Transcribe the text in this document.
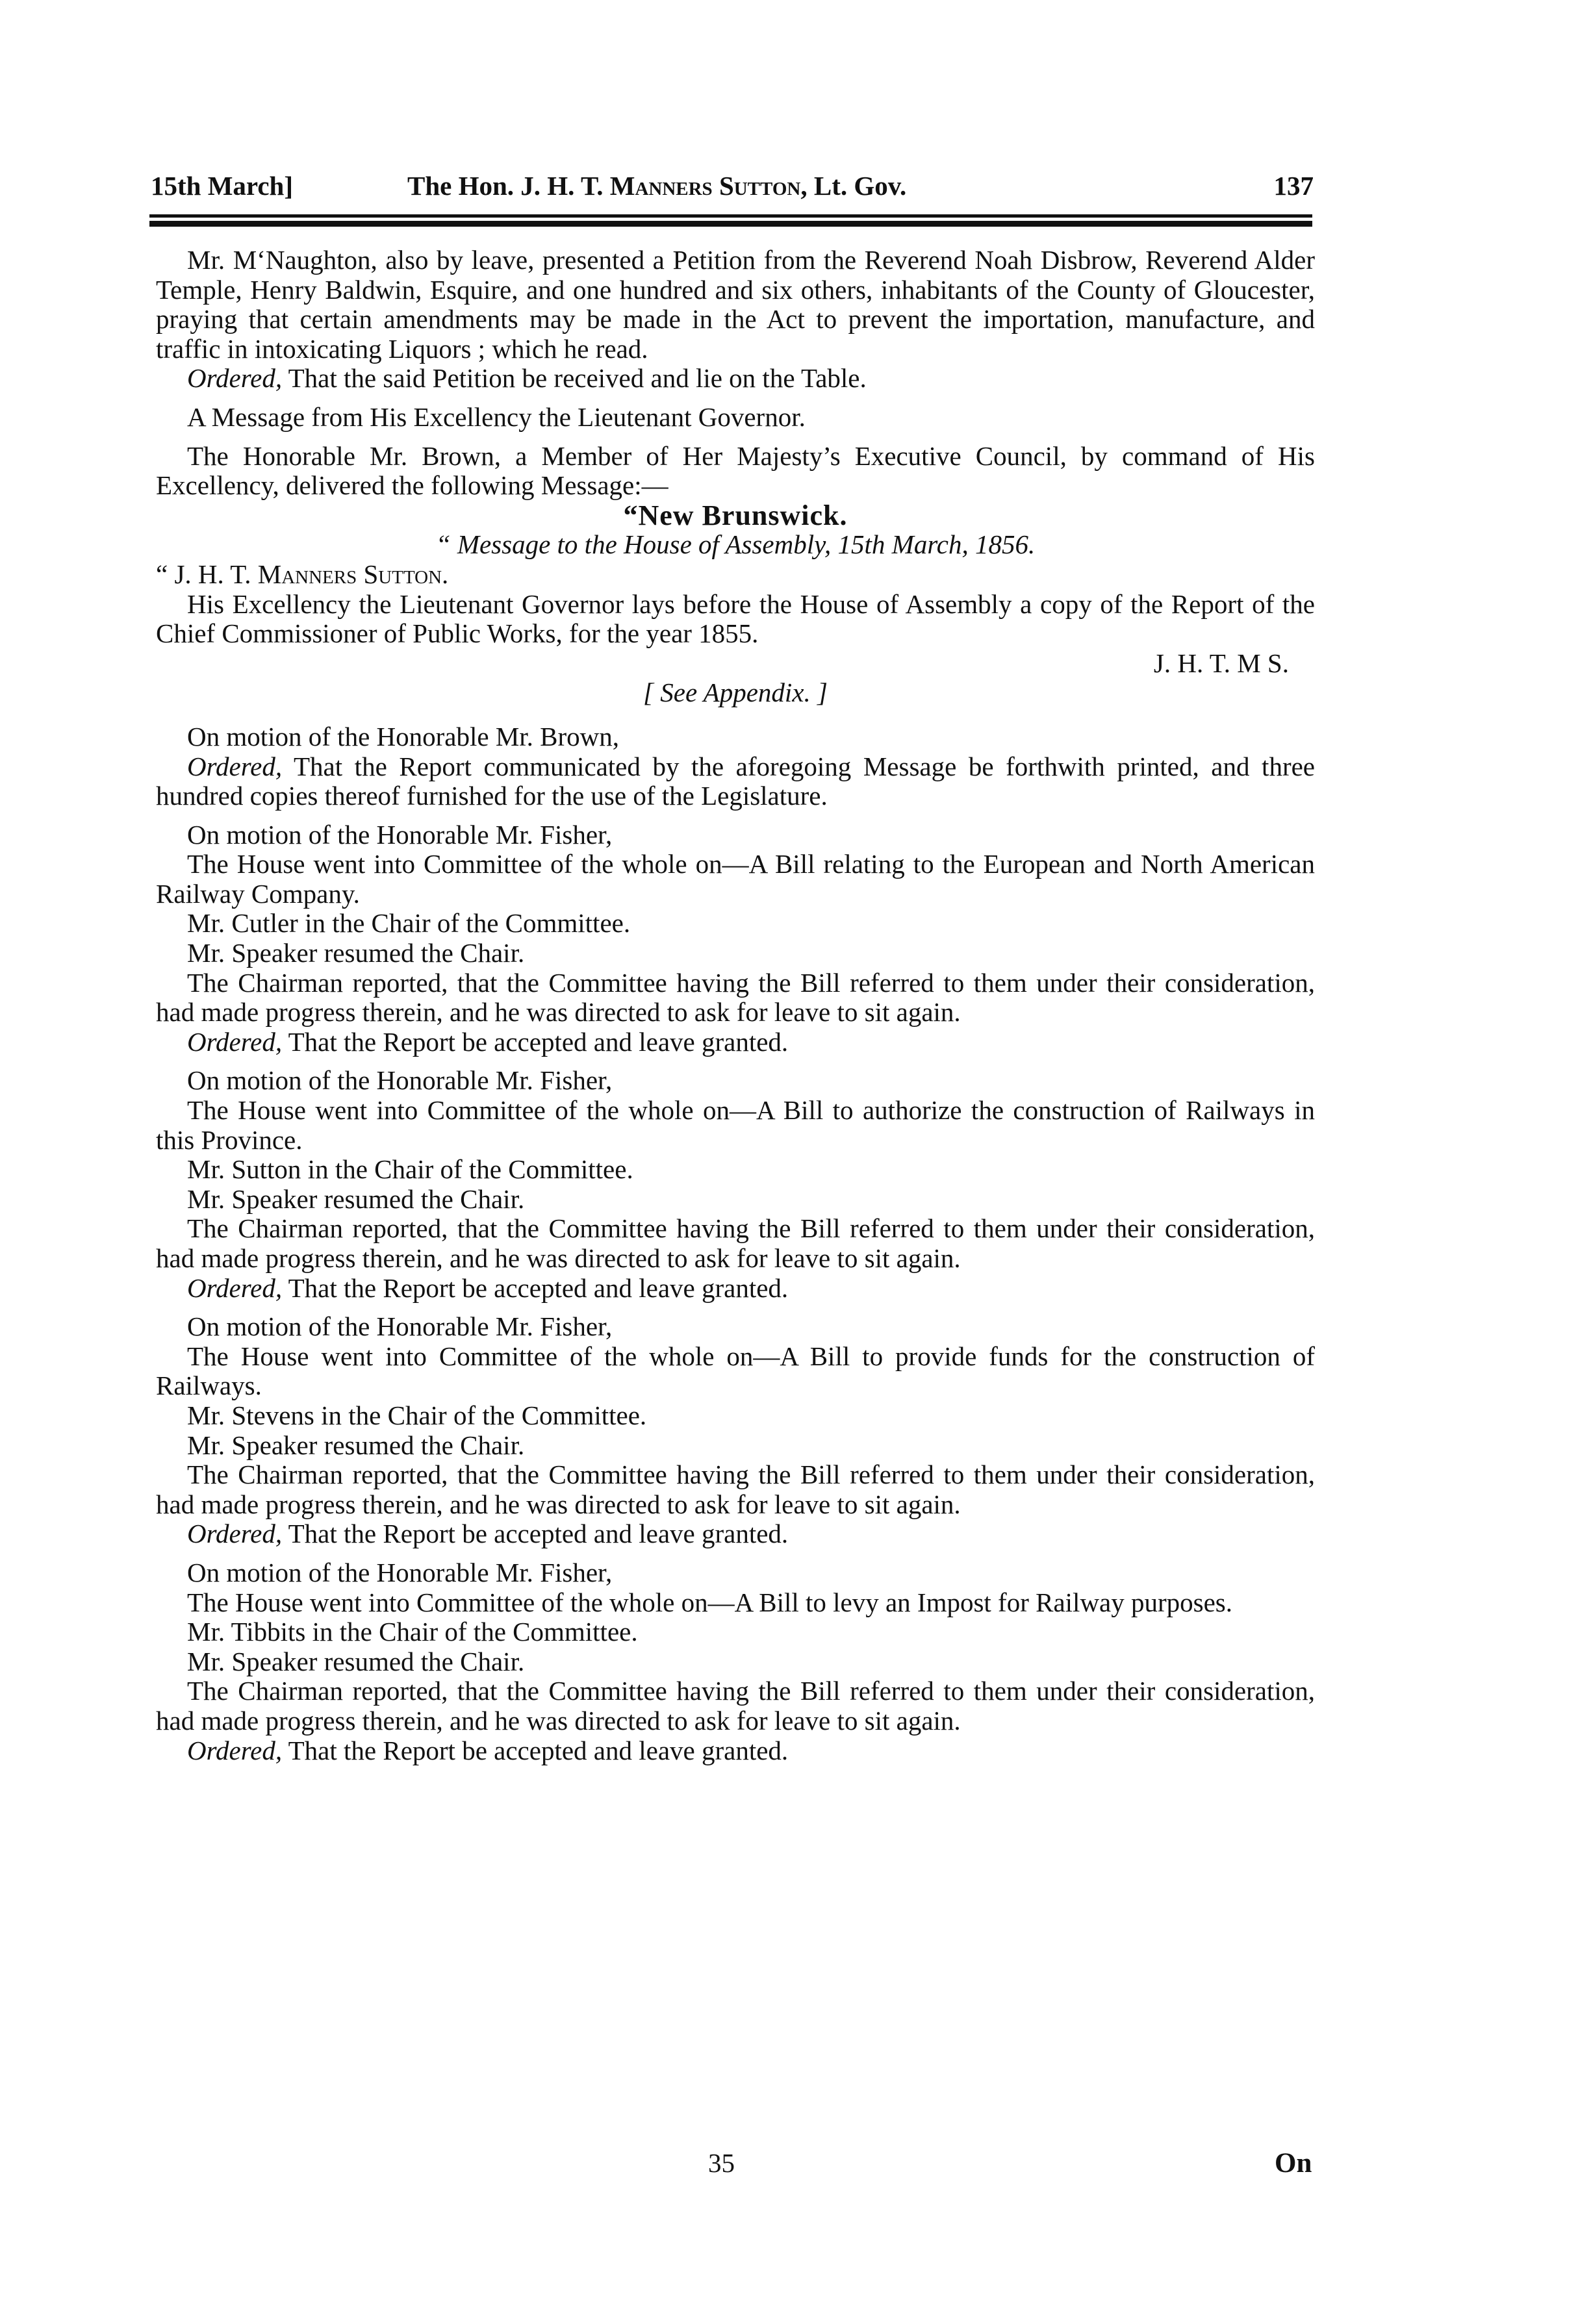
15th March]	The Hon. J. H. T. Manners Sutton, Lt. Gov.	137
Mr. M‘Naughton, also by leave, presented a Petition from the Reverend Noah Disbrow, Reverend Alder Temple, Henry Baldwin, Esquire, and one hundred and six others, inhabitants of the County of Gloucester, praying that certain amendments may be made in the Act to prevent the importation, manufacture, and traffic in intoxicating Liquors ; which he read.
Ordered, That the said Petition be received and lie on the Table.
A Message from His Excellency the Lieutenant Governor.
The Honorable Mr. Brown, a Member of Her Majesty’s Executive Council, by command of His Excellency, delivered the following Message:—
“New Brunswick.
“ Message to the House of Assembly, 15th March, 1856.
“ J. H. T. Manners Sutton.
His Excellency the Lieutenant Governor lays before the House of Assembly a copy of the Report of the Chief Commissioner of Public Works, for the year 1855.
J. H. T. M S.
[ See Appendix. ]
On motion of the Honorable Mr. Brown,
Ordered, That the Report communicated by the aforegoing Message be forthwith printed, and three hundred copies thereof furnished for the use of the Legislature.
On motion of the Honorable Mr. Fisher,
The House went into Committee of the whole on—A Bill relating to the European and North American Railway Company.
Mr. Cutler in the Chair of the Committee.
Mr. Speaker resumed the Chair.
The Chairman reported, that the Committee having the Bill referred to them under their consideration, had made progress therein, and he was directed to ask for leave to sit again.
Ordered, That the Report be accepted and leave granted.
On motion of the Honorable Mr. Fisher,
The House went into Committee of the whole on—A Bill to authorize the construction of Railways in this Province.
Mr. Sutton in the Chair of the Committee.
Mr. Speaker resumed the Chair.
The Chairman reported, that the Committee having the Bill referred to them under their consideration, had made progress therein, and he was directed to ask for leave to sit again.
Ordered, That the Report be accepted and leave granted.
On motion of the Honorable Mr. Fisher,
The House went into Committee of the whole on—A Bill to provide funds for the construction of Railways.
Mr. Stevens in the Chair of the Committee.
Mr. Speaker resumed the Chair.
The Chairman reported, that the Committee having the Bill referred to them under their consideration, had made progress therein, and he was directed to ask for leave to sit again.
Ordered, That the Report be accepted and leave granted.
On motion of the Honorable Mr. Fisher,
The House went into Committee of the whole on—A Bill to levy an Impost for Railway purposes.
Mr. Tibbits in the Chair of the Committee.
Mr. Speaker resumed the Chair.
The Chairman reported, that the Committee having the Bill referred to them under their consideration, had made progress therein, and he was directed to ask for leave to sit again.
Ordered, That the Report be accepted and leave granted.
35	On
